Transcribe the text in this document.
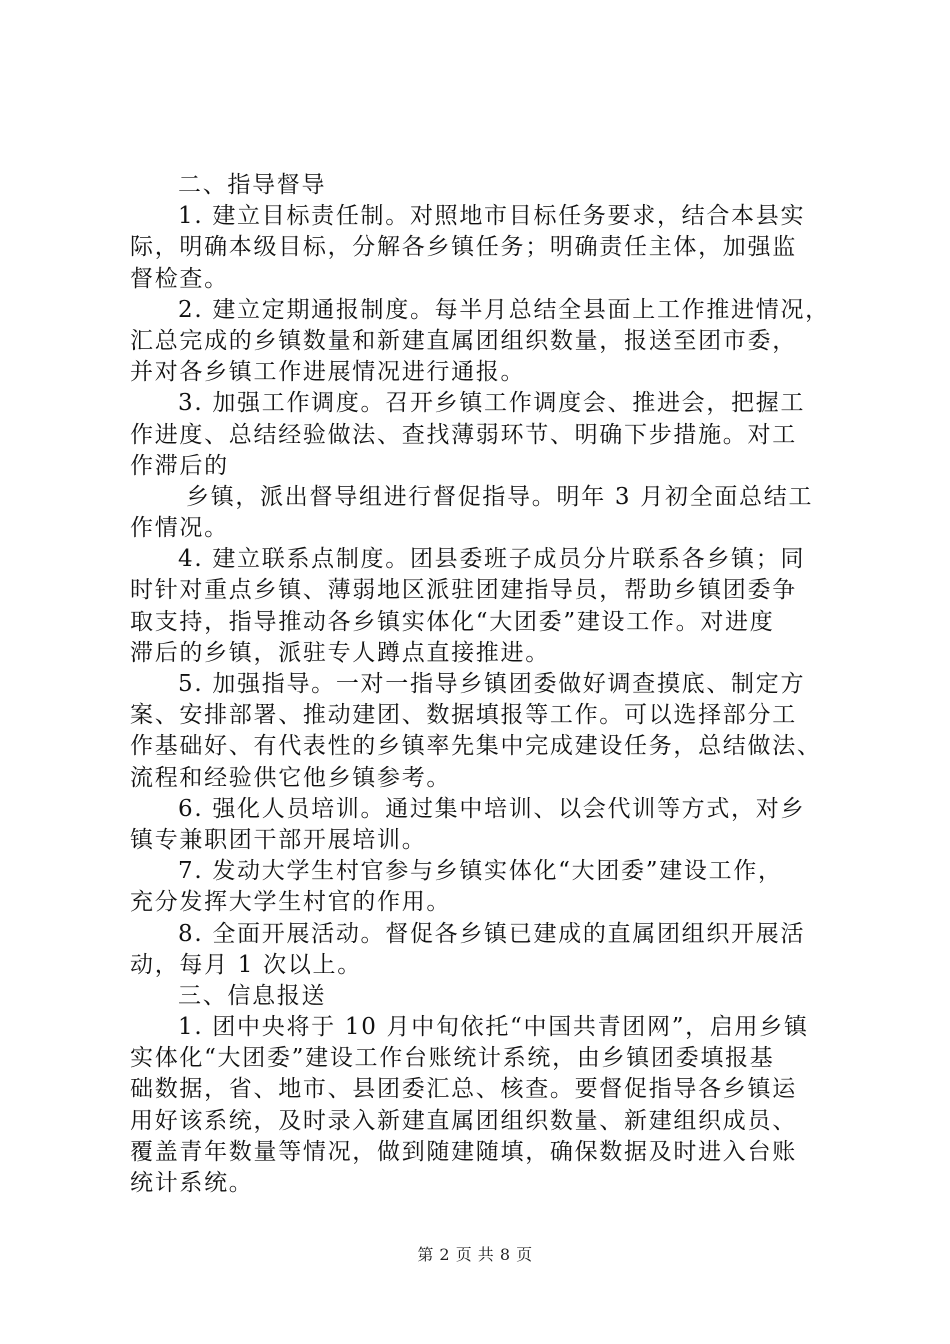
二、指导督导
1. 建立目标责任制。对照地市目标任务要求，结合本县实
际，明确本级目标，分解各乡镇任务；明确责任主体，加强监
督检查。
2. 建立定期通报制度。每半月总结全县面上工作推进情况，
汇总完成的乡镇数量和新建直属团组织数量，报送至团市委，
并对各乡镇工作进展情况进行通报。
3. 加强工作调度。召开乡镇工作调度会、推进会，把握工
作进度、总结经验做法、查找薄弱环节、明确下步措施。对工
作滞后的
乡镇，派出督导组进行督促指导。明年 3 月初全面总结工
作情况。
4. 建立联系点制度。团县委班子成员分片联系各乡镇；同
时针对重点乡镇、薄弱地区派驻团建指导员，帮助乡镇团委争
取支持，指导推动各乡镇实体化“大团委”建设工作。对进度
滞后的乡镇，派驻专人蹲点直接推进。
5. 加强指导。一对一指导乡镇团委做好调查摸底、制定方
案、安排部署、推动建团、数据填报等工作。可以选择部分工
作基础好、有代表性的乡镇率先集中完成建设任务，总结做法、
流程和经验供它他乡镇参考。
6. 强化人员培训。通过集中培训、以会代训等方式，对乡
镇专兼职团干部开展培训。
7. 发动大学生村官参与乡镇实体化“大团委”建设工作，
充分发挥大学生村官的作用。
8. 全面开展活动。督促各乡镇已建成的直属团组织开展活
动，每月 1 次以上。
三、信息报送
1. 团中央将于 10 月中旬依托“中国共青团网”，启用乡镇
实体化“大团委”建设工作台账统计系统，由乡镇团委填报基
础数据，省、地市、县团委汇总、核查。要督促指导各乡镇运
用好该系统，及时录入新建直属团组织数量、新建组织成员、
覆盖青年数量等情况，做到随建随填，确保数据及时进入台账
统计系统。
第 2 页 共 8 页
